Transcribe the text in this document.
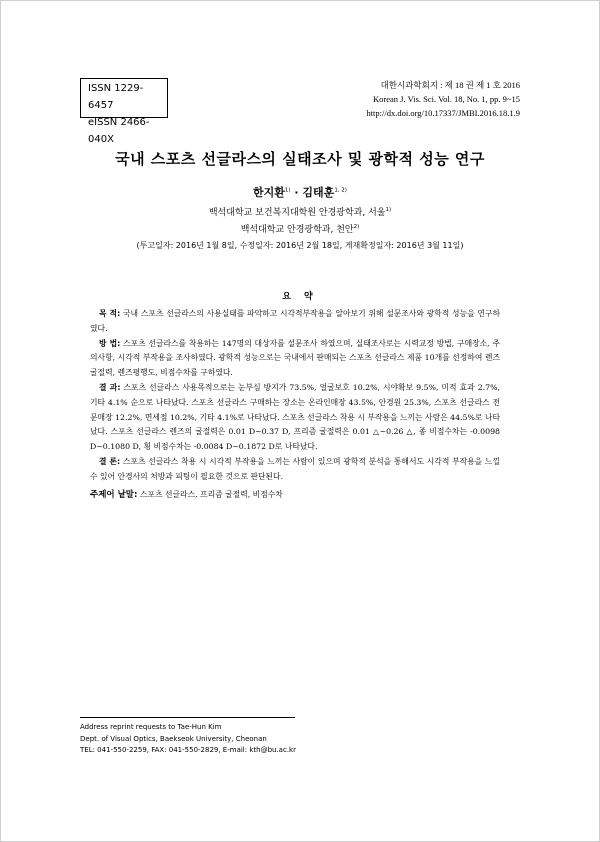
ISSN 1229-6457
eISSN 2466-040X
대한시과학회지 : 제 18 권 제 1 호 2016
Korean J. Vis. Sci. Vol. 18, No. 1, pp. 9~15
http://dx.doi.org/10.17337/JMBI.2016.18.1.9
국내 스포츠 선글라스의 실태조사 및 광학적 성능 연구
한지환$^{1)}$ · 김태훈$^{1, 2)}$
백석대학교 보건복지대학원 안경광학과, 서울$^{1)}$
백석대학교 안경광학과, 천안$^{2)}$
(투고일자: 2016년 1월 8일, 수정일자: 2016년 2월 18일, 게재확정일자: 2016년 3월 11일)
요 약

목 적: 국내 스포츠 선글라스의 사용실태를 파악하고 시각적부작용을 알아보기 위해 설문조사와 광학적 성능을 연구하였다.

방 법: 스포츠 선글라스를 착용하는 147명의 대상자를 설문조사 하였으며, 실태조사로는 시력교정 방법, 구매장소, 주의사항, 시각적 부작용을 조사하였다. 광학적 성능으로는 국내에서 판매되는 스포츠 선글라스 제품 10개를 선정하여 렌즈 굴절력, 렌즈평행도, 비점수차를 구하였다.

결 과: 스포츠 선글라스 사용목적으로는 눈부심 방지가 73.5%, 얼굴보호 10.2%, 시야확보 9.5%, 미적 효과 2.7%, 기타 4.1% 순으로 나타났다. 스포츠 선글라스 구매하는 장소는 온라인매장 43.5%, 안경원 25.3%, 스포츠 선글라스 전문매장 12.2%, 면세점 10.2%, 기타 4.1%로 나타났다. 스포츠 선글라스 착용 시 부작용을 느끼는 사람은 44.5%로 나타났다. 스포츠 선글라스 렌즈의 굴절력은 0.01 D~0.37 D, 프리즘 굴절력은 0.01 △~0.26 △, 종 비점수차는 -0.0098 D~0.1080 D, 횡 비점수차는 -0.0084 D~0.1872 D로 나타났다.

결 론: 스포츠 선글라스 착용 시 시각적 부작용을 느끼는 사람이 있으며 광학적 분석을 통해서도 시각적 부작용을 느낄 수 있어 안경사의 처방과 피팅이 필요한 것으로 판단된다.

주제어 낱말: 스포츠 선글라스, 프리즘 굴절력, 비점수차
Address reprint requests to Tae-Hun Kim
Dept. of Visual Optics, Baekseok University, Cheonan
TEL: 041-550-2259, FAX: 041-550-2829, E-mail: kth@bu.ac.kr
